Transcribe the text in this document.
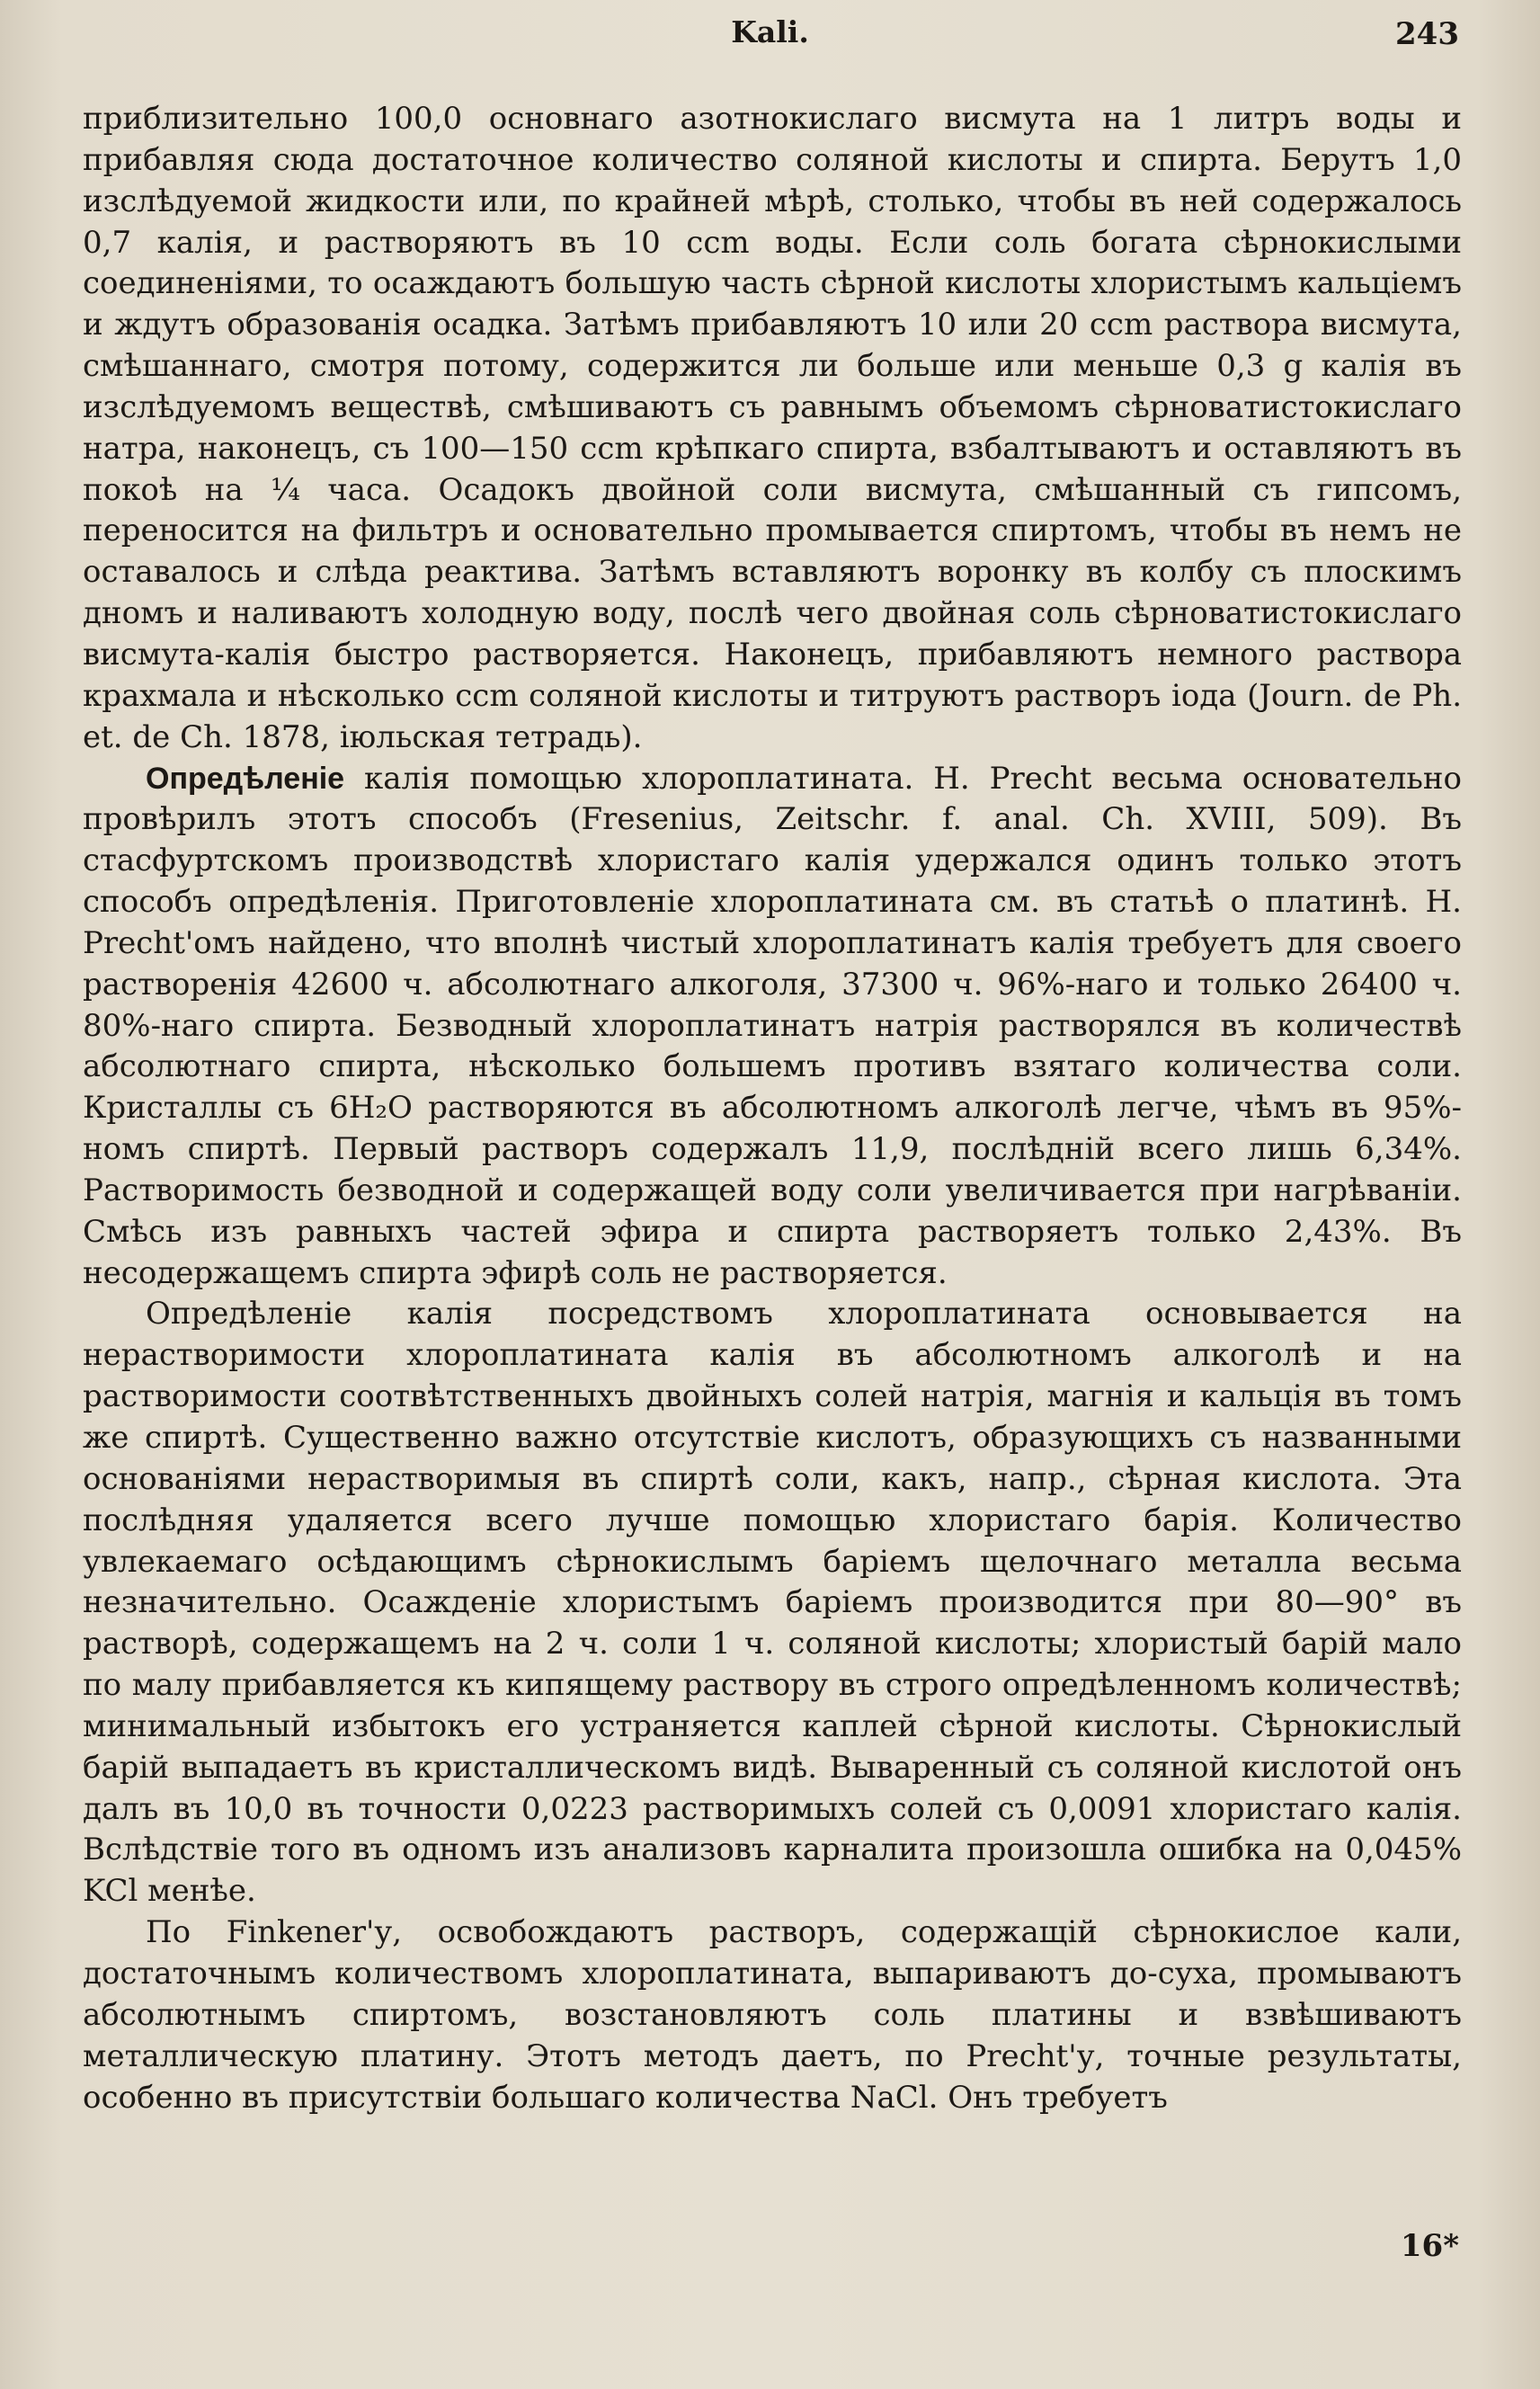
Kali.	243

приблизительно 100,0 основнаго азотнокислаго висмута на 1 литръ воды и прибавляя сюда достаточное количество соляной кислоты и спирта. Берутъ 1,0 изслѣдуемой жидкости или, по крайней мѣрѣ, столько, чтобы въ ней содержалось 0,7 калія, и растворяютъ въ 10 ccm воды. Если соль богата сѣрнокислыми соединеніями, то осаждаютъ большую часть сѣрной кислоты хлористымъ кальціемъ и ждутъ образованія осадка. Затѣмъ прибавляютъ 10 или 20 ccm раствора висмута, смѣшаннаго, смотря потому, содержится ли больше или меньше 0,3 g калія въ изслѣдуемомъ веществѣ, смѣшиваютъ съ равнымъ объемомъ сѣрноватистокислаго натра, наконецъ, съ 100—150 ccm крѣпкаго спирта, взбалтываютъ и оставляютъ въ покоѣ на ¼ часа. Осадокъ двойной соли висмута, смѣшанный съ гипсомъ, переносится на фильтръ и основательно промывается спиртомъ, чтобы въ немъ не оставалось и слѣда реактива. Затѣмъ вставляютъ воронку въ колбу съ плоскимъ дномъ и наливаютъ холодную воду, послѣ чего двойная соль сѣрноватистокислаго висмута-калія быстро растворяется. Наконецъ, прибавляютъ немного раствора крахмала и нѣсколько ccm соляной кислоты и титруютъ растворъ іода (Journ. de Ph. et. de Ch. 1878, іюльская тетрадь).

Опредѣленіе калія помощью хлороплатината. H. Precht весьма основательно провѣрилъ этотъ способъ (Fresenius, Zeitschr. f. anal. Ch. XVIII, 509). Въ стасфуртскомъ производствѣ хлористаго калія удержался одинъ только этотъ способъ опредѣленія. Приготовленіе хлороплатината см. въ статьѣ о платинѣ. H. Precht'омъ найдено, что вполнѣ чистый хлороплатинатъ калія требуетъ для своего растворенія 42600 ч. абсолютнаго алкоголя, 37300 ч. 96%-наго и только 26400 ч. 80%-наго спирта. Безводный хлороплатинатъ натрія растворялся въ количествѣ абсолютнаго спирта, нѣсколько большемъ противъ взятаго количества соли. Кристаллы съ 6H₂O растворяются въ абсолютномъ алкоголѣ легче, чѣмъ въ 95%-номъ спиртѣ. Первый растворъ содержалъ 11,9, послѣдній всего лишь 6,34%. Растворимость безводной и содержащей воду соли увеличивается при нагрѣваніи. Смѣсь изъ равныхъ частей эфира и спирта растворяетъ только 2,43%. Въ несодержащемъ спирта эфирѣ соль не растворяется.

Опредѣленіе калія посредствомъ хлороплатината основывается на нерастворимости хлороплатината калія въ абсолютномъ алкоголѣ и на растворимости соотвѣтственныхъ двойныхъ солей натрія, магнія и кальція въ томъ же спиртѣ. Существенно важно отсутствіе кислотъ, образующихъ съ названными основаніями нерастворимыя въ спиртѣ соли, какъ, напр., сѣрная кислота. Эта послѣдняя удаляется всего лучше помощью хлористаго барія. Количество увлекаемаго осѣдающимъ сѣрнокислымъ баріемъ щелочнаго металла весьма незначительно. Осажденіе хлористымъ баріемъ производится при 80—90° въ растворѣ, содержащемъ на 2 ч. соли 1 ч. соляной кислоты; хлористый барій мало по малу прибавляется къ кипящему раствору въ строго опредѣленномъ количествѣ; минимальный избытокъ его устраняется каплей сѣрной кислоты. Сѣрнокислый барій выпадаетъ въ кристаллическомъ видѣ. Вываренный съ соляной кислотой онъ далъ въ 10,0 въ точности 0,0223 растворимыхъ солей съ 0,0091 хлористаго калія. Вслѣдствіе того въ одномъ изъ анализовъ карналита произошла ошибка на 0,045% KCl менѣе.

По Finkener'у, освобождаютъ растворъ, содержащій сѣрнокислое кали, достаточнымъ количествомъ хлороплатината, выпариваютъ до-суха, промываютъ абсолютнымъ спиртомъ, возстановляютъ соль платины и взвѣшиваютъ металлическую платину. Этотъ методъ даетъ, по Precht'у, точные результаты, особенно въ присутствіи большаго количества NaCl. Онъ требуетъ

16*
